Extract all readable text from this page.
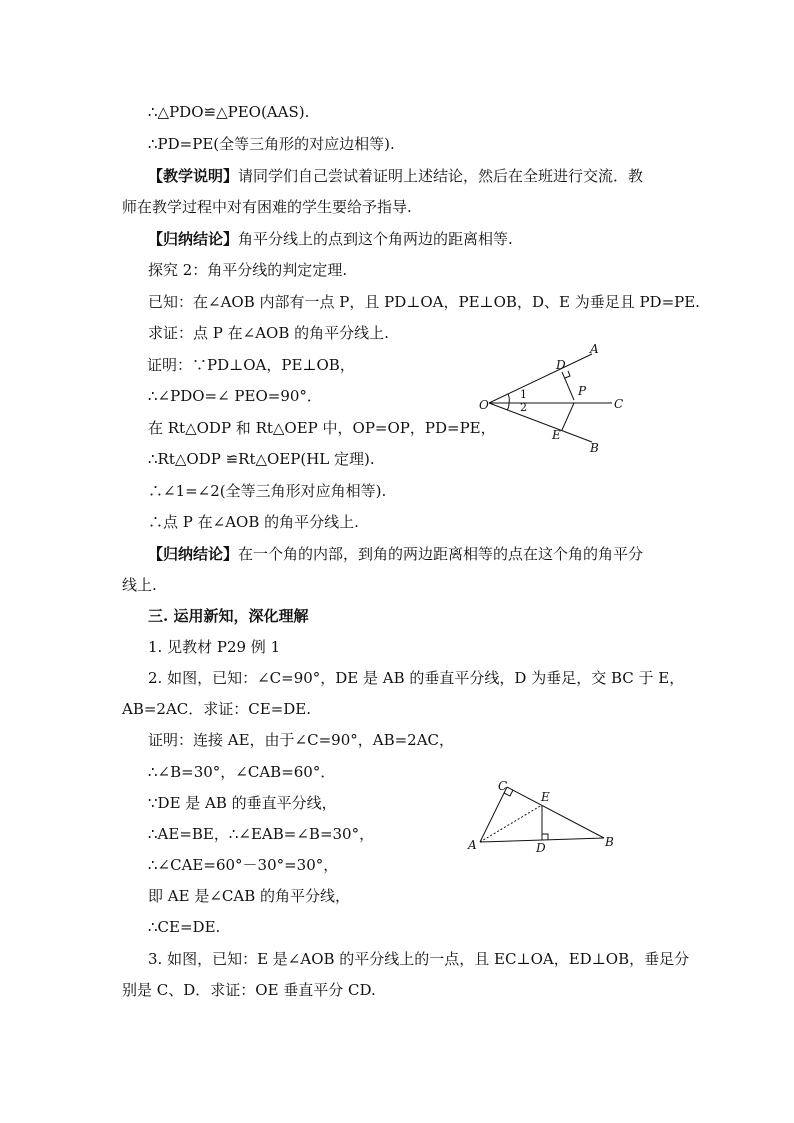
∴△PDO≌△PEO(AAS).
∴PD=PE(全等三角形的对应边相等).
【教学说明】请同学们自己尝试着证明上述结论，然后在全班进行交流．教
师在教学过程中对有困难的学生要给予指导.
【归纳结论】角平分线上的点到这个角两边的距离相等.
探究 2：角平分线的判定定理.
已知：在∠AOB 内部有一点 P，且 PD⊥OA，PE⊥OB，D、E 为垂足且 PD=PE.
求证：点 P 在∠AOB 的角平分线上.
证明：∵PD⊥OA，PE⊥OB，
∴∠PDO=∠ PEO=90°．
在 Rt△ODP 和 Rt△OEP 中，OP=OP，PD=PE，
∴Rt△ODP ≌Rt△OEP(HL 定理).
∴∠1=∠2(全等三角形对应角相等).
∴点 P 在∠AOB 的角平分线上.
【归纳结论】在一个角的内部，到角的两边距离相等的点在这个角的角平分
线上.
三. 运用新知，深化理解
1. 见教材 P29 例 1
2. 如图，已知：∠C=90°，DE 是 AB 的垂直平分线，D 为垂足，交 BC 于 E，
AB=2AC．求证：CE=DE.
证明：连接 AE，由于∠C=90°，AB=2AC，
∴∠B=30°，∠CAB=60°．
∵DE 是 AB 的垂直平分线，
∴AE=BE，∴∠EAB=∠B=30°，
∴∠CAE=60°－30°=30°，
即 AE 是∠CAB 的角平分线，
∴CE=DE.
3. 如图，已知：E 是∠AOB 的平分线上的一点，且 EC⊥OA，ED⊥OB，垂足分
别是 C、D．求证：OE 垂直平分 CD.
O
A
C
B
D
P
E
1
2
C
E
A	D	B
